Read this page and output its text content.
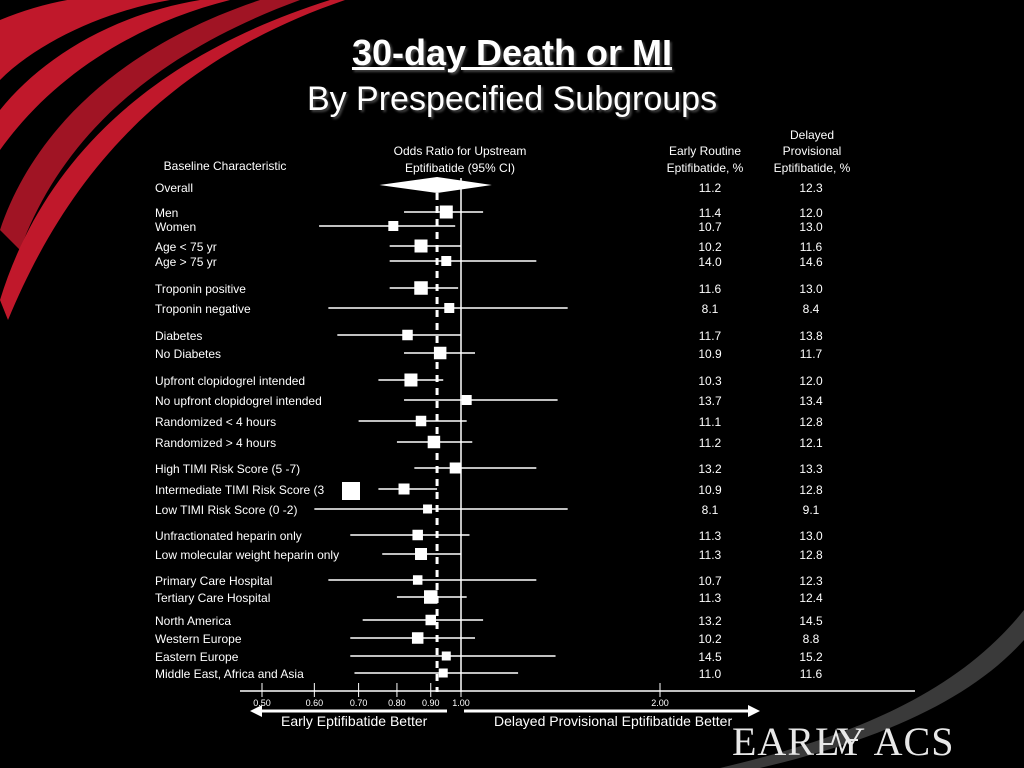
30-day Death or MI
By Prespecified Subgroups
Baseline Characteristic
Odds Ratio for Upstream
Eptifibatide (95% CI)
Early Routine
Eptifibatide, %
Delayed
Provisional
Eptifibatide, %
Overall	11.2	12.3
Men	11.4	12.0
Women	10.7	13.0
Age < 75 yr	10.2	11.6
Age > 75 yr	14.0	14.6
Troponin positive	11.6	13.0
Troponin negative	8.1	8.4
Diabetes	11.7	13.8
No Diabetes	10.9	11.7
Upfront clopidogrel intended	10.3	12.0
No upfront clopidogrel intended	13.7	13.4
Randomized < 4 hours	11.1	12.8
Randomized > 4 hours	11.2	12.1
High TIMI Risk Score (5 -7)	13.2	13.3
Intermediate TIMI Risk Score (3	10.9	12.8
Low TIMI Risk Score (0 -2)	8.1	9.1
Unfractionated heparin only	11.3	13.0
Low molecular weight heparin only	11.3	12.8
Primary Care Hospital	10.7	12.3
Tertiary Care Hospital	11.3	12.4
North America	13.2	14.5
Western Europe	10.2	8.8
Eastern Europe	14.5	15.2
Middle East, Africa and Asia	11.0	11.6
0.50	0.60	0.70	0.80	0.90	1.00	2.00
Early Eptifibatide Better	Delayed Provisional Eptifibatide Better EARLY ACS
